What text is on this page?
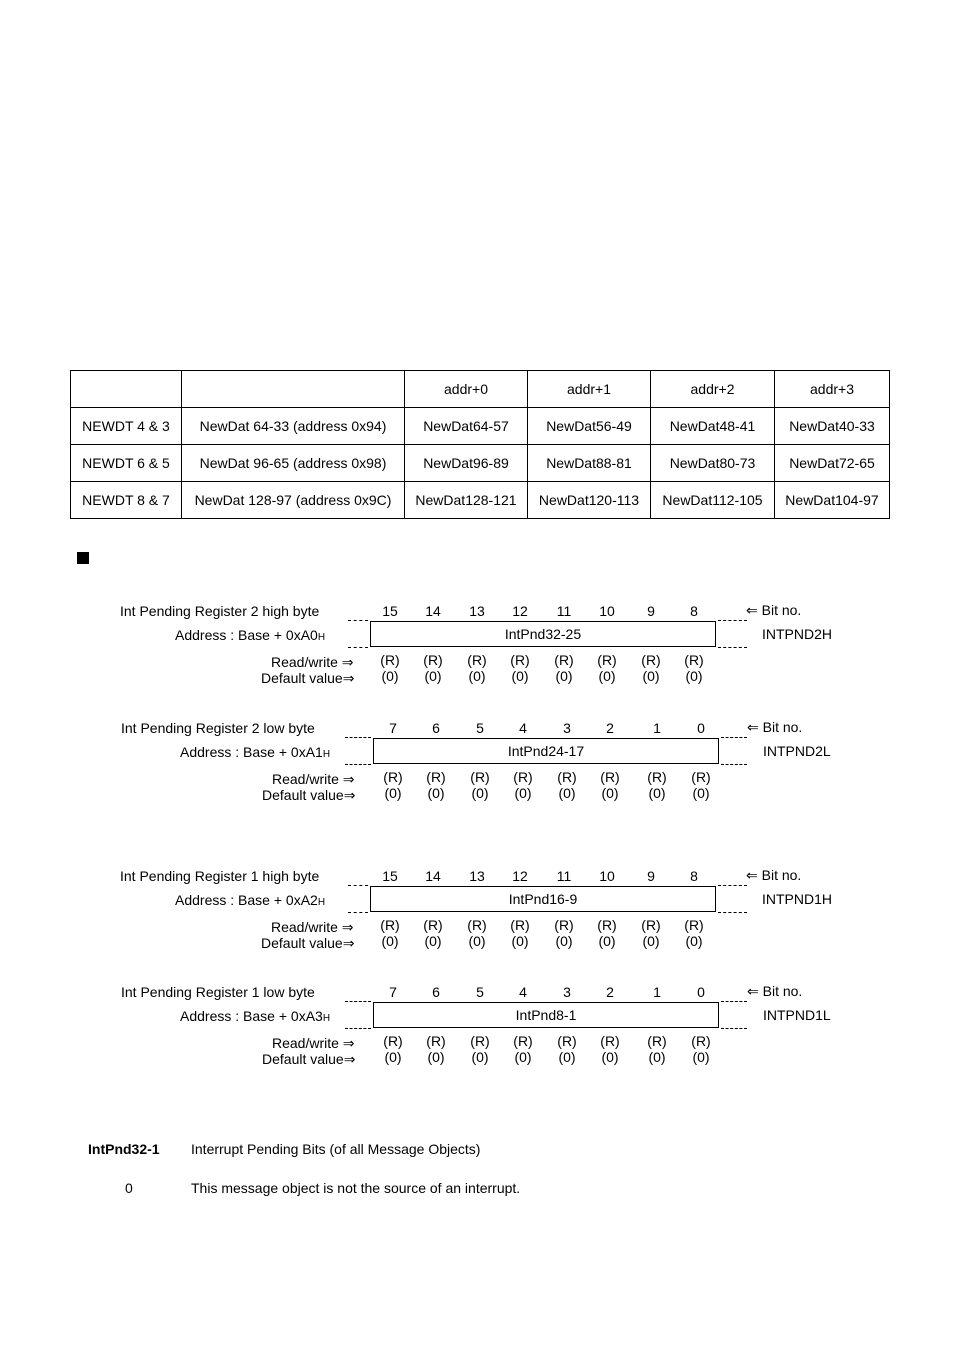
		addr+0	addr+1	addr+2	addr+3
NEWDT 4 & 3	NewDat 64-33 (address 0x94)	NewDat64-57	NewDat56-49	NewDat48-41	NewDat40-33
NEWDT 6 & 5	NewDat 96-65 (address 0x98)	NewDat96-89	NewDat88-81	NewDat80-73	NewDat72-65
NEWDT 8 & 7	NewDat 128-97 (address 0x9C)	NewDat128-121	NewDat120-113	NewDat112-105	NewDat104-97
Int Pending Register 2 high byte
Address : Base + 0xA0H	IntPnd32-25
15
(R)
(0)
14
(R)
(0)
13
(R)
(0)
12
(R)
(0)
11
(R)
(0)
10
(R)
(0)
9
(R)
(0)
8
(R)
(0)
Read/write ⇒
Default value⇒
⇐ Bit no.
INTPND2H
Int Pending Register 2 low byte
Address : Base + 0xA1H	IntPnd24-17
7
(R)
(0)
6
(R)
(0)
5
(R)
(0)
4
(R)
(0)
3
(R)
(0)
2
(R)
(0)
1
(R)
(0)
0
(R)
(0)
Read/write ⇒
Default value⇒
⇐ Bit no.
INTPND2L
Int Pending Register 1 high byte
Address : Base + 0xA2H	IntPnd16-9
15
(R)
(0)
14
(R)
(0)
13
(R)
(0)
12
(R)
(0)
11
(R)
(0)
10
(R)
(0)
9
(R)
(0)
8
(R)
(0)
Read/write ⇒
Default value⇒
⇐ Bit no.
INTPND1H
Int Pending Register 1 low byte
Address : Base + 0xA3H	IntPnd8-1
7
(R)
(0)
6
(R)
(0)
5
(R)
(0)
4
(R)
(0)
3
(R)
(0)
2
(R)
(0)
1
(R)
(0)
0
(R)
(0)
Read/write ⇒
Default value⇒
⇐ Bit no.
INTPND1L
IntPnd32-1 Interrupt Pending Bits (of all Message Objects)
0	This message object is not the source of an interrupt.
